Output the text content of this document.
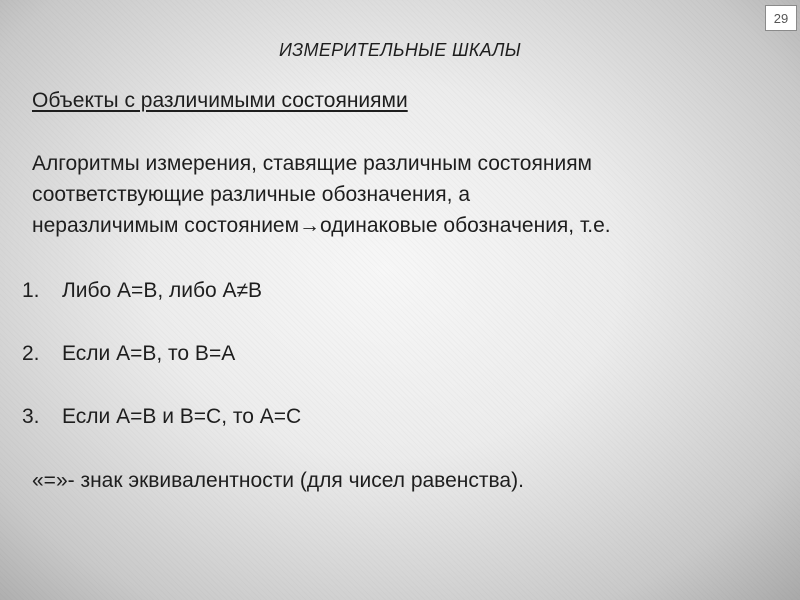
29
ИЗМЕРИТЕЛЬНЫЕ ШКАЛЫ
Объекты с различимыми состояниями
Алгоритмы измерения, ставящие различным состояниям
соответствующие различные обозначения, а
неразличимым состоянием→одинаковые обозначения, т.е.
1. Либо А=В, либо А≠В
2. Если А=В, то В=А
3. Если А=В и В=С, то А=С
«=»- знак эквивалентности (для чисел равенства).
